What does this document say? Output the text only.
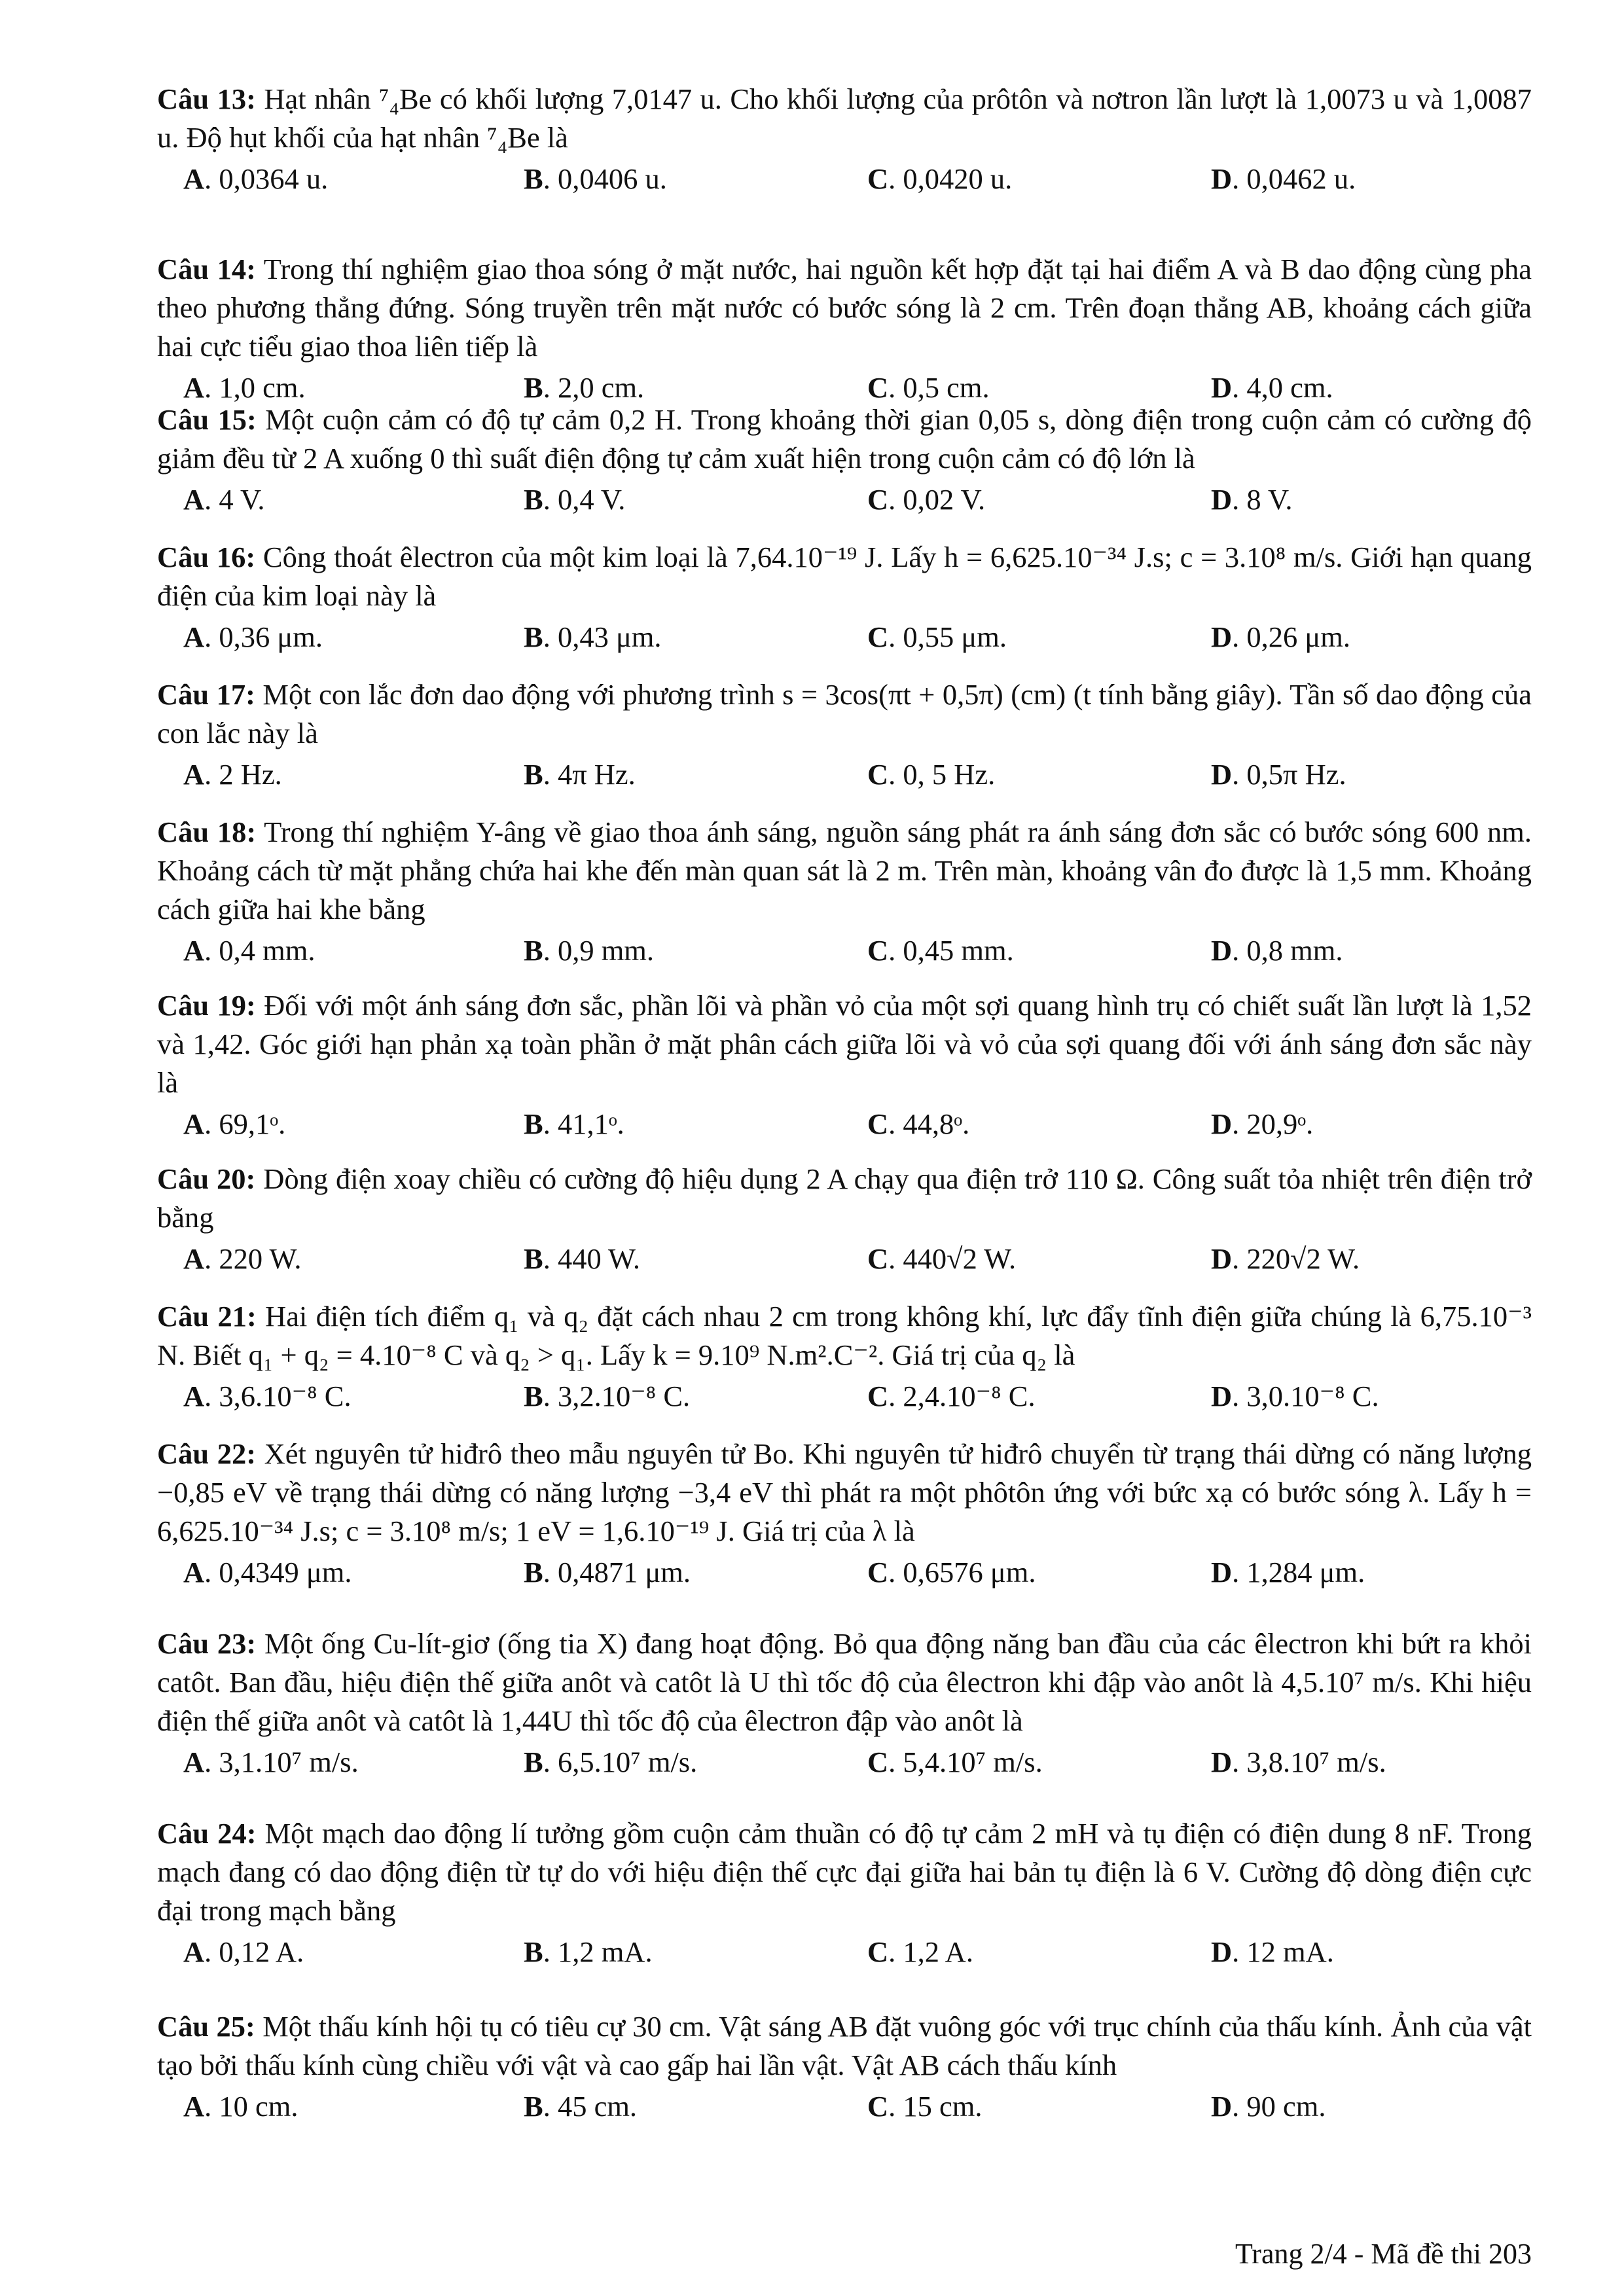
Câu 13: Hạt nhân ⁷₄Be có khối lượng 7,0147 u. Cho khối lượng của prôtôn và nơtron lần lượt là 1,0073 u và 1,0087 u. Độ hụt khối của hạt nhân ⁷₄Be là

A. 0,0364 u.	B. 0,0406 u.	C. 0,0420 u.	D. 0,0462 u.

Câu 14: Trong thí nghiệm giao thoa sóng ở mặt nước, hai nguồn kết hợp đặt tại hai điểm A và B dao động cùng pha theo phương thẳng đứng. Sóng truyền trên mặt nước có bước sóng là 2 cm. Trên đoạn thẳng AB, khoảng cách giữa hai cực tiểu giao thoa liên tiếp là

A. 1,0 cm.	B. 2,0 cm.	C. 0,5 cm.	D. 4,0 cm.

Câu 15: Một cuộn cảm có độ tự cảm 0,2 H. Trong khoảng thời gian 0,05 s, dòng điện trong cuộn cảm có cường độ giảm đều từ 2 A xuống 0 thì suất điện động tự cảm xuất hiện trong cuộn cảm có độ lớn là

A. 4 V.	B. 0,4 V.	C. 0,02 V.	D. 8 V.

Câu 16: Công thoát êlectron của một kim loại là 7,64.10⁻¹⁹ J. Lấy h = 6,625.10⁻³⁴ J.s; c = 3.10⁸ m/s. Giới hạn quang điện của kim loại này là

A. 0,36 μm.	B. 0,43 μm.	C. 0,55 μm.	D. 0,26 μm.

Câu 17: Một con lắc đơn dao động với phương trình s = 3cos(πt + 0,5π) (cm) (t tính bằng giây). Tần số dao động của con lắc này là

A. 2 Hz.	B. 4π Hz.	C. 0, 5 Hz.	D. 0,5π Hz.

Câu 18: Trong thí nghiệm Y-âng về giao thoa ánh sáng, nguồn sáng phát ra ánh sáng đơn sắc có bước sóng 600 nm. Khoảng cách từ mặt phẳng chứa hai khe đến màn quan sát là 2 m. Trên màn, khoảng vân đo được là 1,5 mm. Khoảng cách giữa hai khe bằng

A. 0,4 mm.	B. 0,9 mm.	C. 0,45 mm.	D. 0,8 mm.

Câu 19: Đối với một ánh sáng đơn sắc, phần lõi và phần vỏ của một sợi quang hình trụ có chiết suất lần lượt là 1,52 và 1,42. Góc giới hạn phản xạ toàn phần ở mặt phân cách giữa lõi và vỏ của sợi quang đối với ánh sáng đơn sắc này là

A. 69,1ᵒ.	B. 41,1ᵒ.	C. 44,8ᵒ.	D. 20,9ᵒ.

Câu 20: Dòng điện xoay chiều có cường độ hiệu dụng 2 A chạy qua điện trở 110 Ω. Công suất tỏa nhiệt trên điện trở bằng

A. 220 W.	B. 440 W.	C. 440√2 W.	D. 220√2 W.

Câu 21: Hai điện tích điểm q₁ và q₂ đặt cách nhau 2 cm trong không khí, lực đẩy tĩnh điện giữa chúng là 6,75.10⁻³ N. Biết q₁ + q₂ = 4.10⁻⁸ C và q₂ > q₁. Lấy k = 9.10⁹ N.m².C⁻². Giá trị của q₂ là

A. 3,6.10⁻⁸ C.	B. 3,2.10⁻⁸ C.	C. 2,4.10⁻⁸ C.	D. 3,0.10⁻⁸ C.

Câu 22: Xét nguyên tử hiđrô theo mẫu nguyên tử Bo. Khi nguyên tử hiđrô chuyển từ trạng thái dừng có năng lượng −0,85 eV về trạng thái dừng có năng lượng −3,4 eV thì phát ra một phôtôn ứng với bức xạ có bước sóng λ. Lấy h = 6,625.10⁻³⁴ J.s; c = 3.10⁸ m/s; 1 eV = 1,6.10⁻¹⁹ J. Giá trị của λ là

A. 0,4349 μm.	B. 0,4871 μm.	C. 0,6576 μm.	D. 1,284 μm.

Câu 23: Một ống Cu-lít-giơ (ống tia X) đang hoạt động. Bỏ qua động năng ban đầu của các êlectron khi bứt ra khỏi catôt. Ban đầu, hiệu điện thế giữa anôt và catôt là U thì tốc độ của êlectron khi đập vào anôt là 4,5.10⁷ m/s. Khi hiệu điện thế giữa anôt và catôt là 1,44U thì tốc độ của êlectron đập vào anôt là

A. 3,1.10⁷ m/s.	B. 6,5.10⁷ m/s.	C. 5,4.10⁷ m/s.	D. 3,8.10⁷ m/s.

Câu 24: Một mạch dao động lí tưởng gồm cuộn cảm thuần có độ tự cảm 2 mH và tụ điện có điện dung 8 nF. Trong mạch đang có dao động điện từ tự do với hiệu điện thế cực đại giữa hai bản tụ điện là 6 V. Cường độ dòng điện cực đại trong mạch bằng

A. 0,12 A.	B. 1,2 mA.	C. 1,2 A.	D. 12 mA.

Câu 25: Một thấu kính hội tụ có tiêu cự 30 cm. Vật sáng AB đặt vuông góc với trục chính của thấu kính. Ảnh của vật tạo bởi thấu kính cùng chiều với vật và cao gấp hai lần vật. Vật AB cách thấu kính

A. 10 cm.	B. 45 cm.	C. 15 cm.	D. 90 cm.
Trang 2/4 - Mã đề thi 203
